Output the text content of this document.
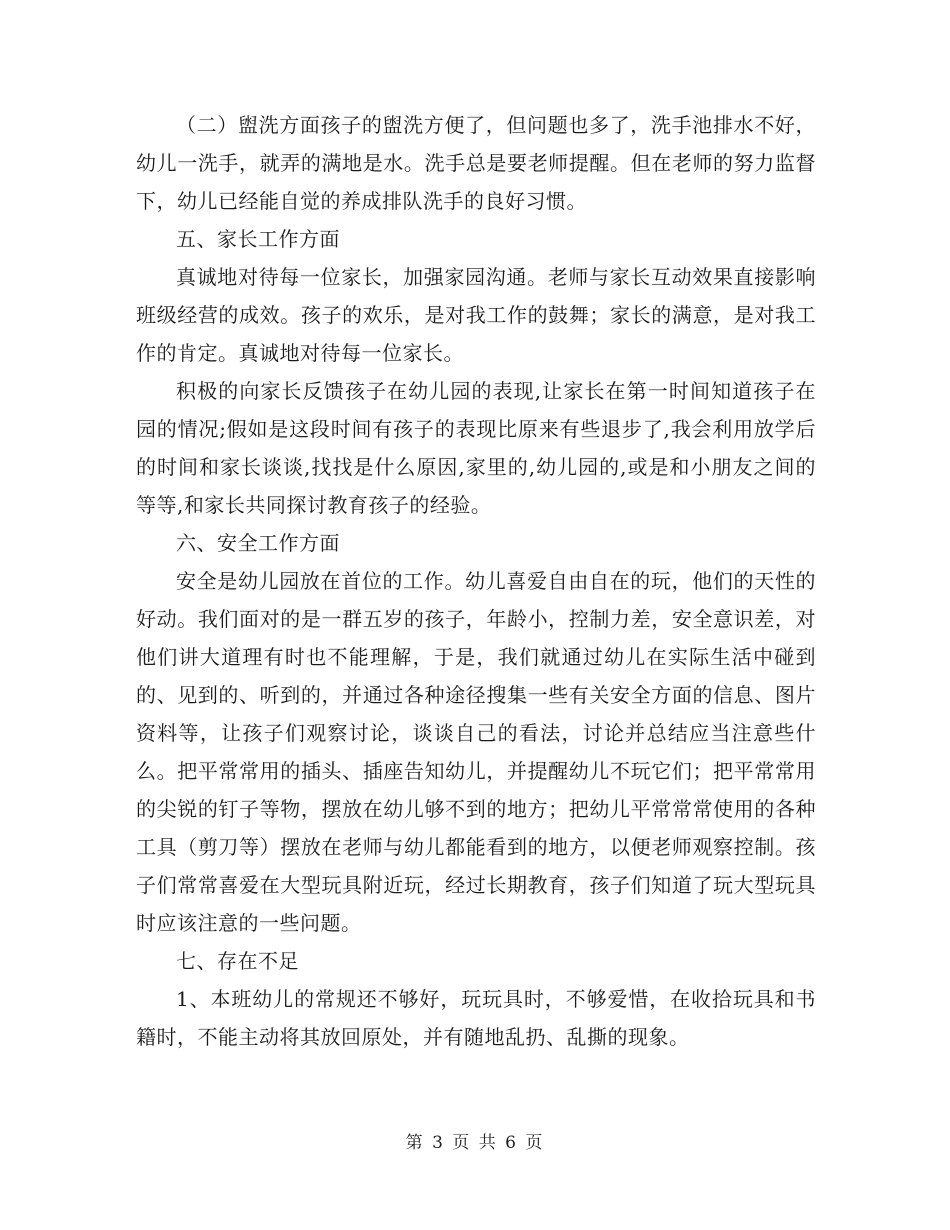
（二）盥洗方面孩子的盥洗方便了，但问题也多了，洗手池排水不好，幼儿一洗手，就弄的满地是水。洗手总是要老师提醒。但在老师的努力监督下，幼儿已经能自觉的养成排队洗手的良好习惯。

五、家长工作方面

真诚地对待每一位家长，加强家园沟通。老师与家长互动效果直接影响班级经营的成效。孩子的欢乐，是对我工作的鼓舞；家长的满意，是对我工作的肯定。真诚地对待每一位家长。

积极的向家长反馈孩子在幼儿园的表现,让家长在第一时间知道孩子在园的情况;假如是这段时间有孩子的表现比原来有些退步了,我会利用放学后的时间和家长谈谈,找找是什么原因,家里的,幼儿园的,或是和小朋友之间的等等,和家长共同探讨教育孩子的经验。

六、安全工作方面

安全是幼儿园放在首位的工作。幼儿喜爱自由自在的玩，他们的天性的好动。我们面对的是一群五岁的孩子，年龄小，控制力差，安全意识差，对他们讲大道理有时也不能理解，于是，我们就通过幼儿在实际生活中碰到的、见到的、听到的，并通过各种途径搜集一些有关安全方面的信息、图片资料等，让孩子们观察讨论，谈谈自己的看法，讨论并总结应当注意些什么。把平常常用的插头、插座告知幼儿，并提醒幼儿不玩它们；把平常常用的尖锐的钉子等物，摆放在幼儿够不到的地方；把幼儿平常常常使用的各种工具（剪刀等）摆放在老师与幼儿都能看到的地方，以便老师观察控制。孩子们常常喜爱在大型玩具附近玩，经过长期教育，孩子们知道了玩大型玩具时应该注意的一些问题。

七、存在不足

1、本班幼儿的常规还不够好，玩玩具时，不够爱惜，在收拾玩具和书籍时，不能主动将其放回原处，并有随地乱扔、乱撕的现象。

第 3 页 共 6 页
